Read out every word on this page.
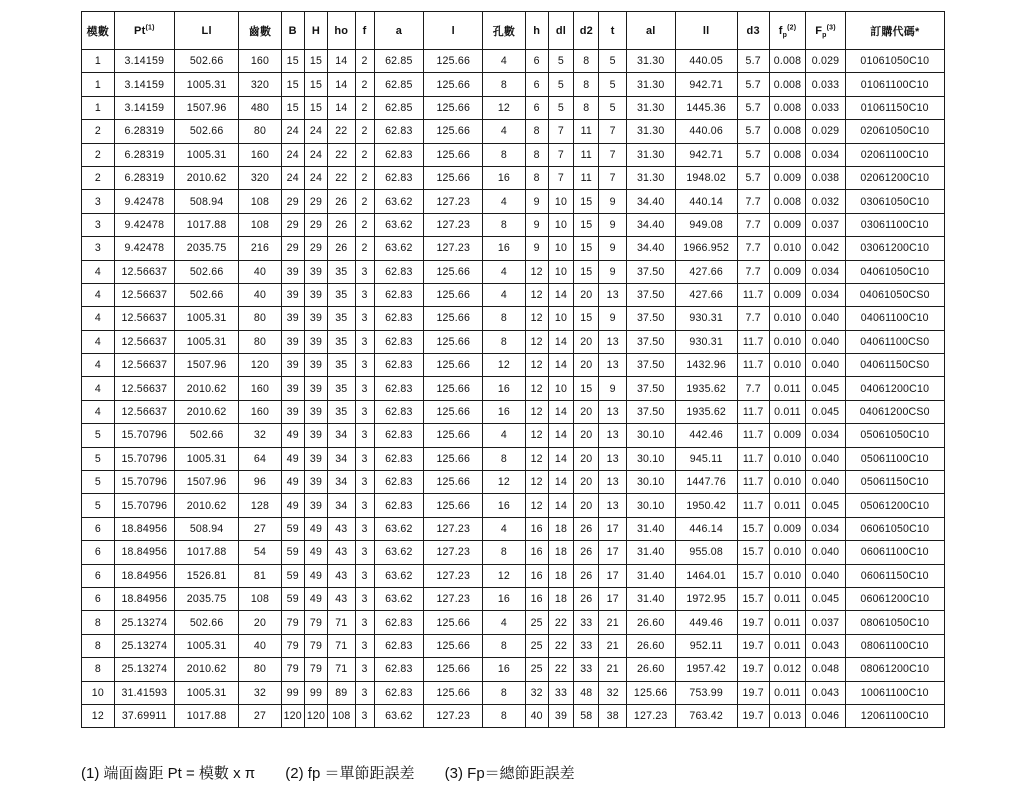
模數	Pt$^{(1)}$	Ll	齒數	B	H	ho	f	a	l	孔數	h	dl	d2	t	al	ll	d3	$f_p^{(2)}$	$F_p^{(3)}$	訂購代碼*
1	3.14159	502.66	160	15	15	14	2	62.85	125.66	4	6	5	8	5	31.30	440.05	5.7	0.008	0.029	01061050C10
1	3.14159	1005.31	320	15	15	14	2	62.85	125.66	8	6	5	8	5	31.30	942.71	5.7	0.008	0.033	01061100C10
1	3.14159	1507.96	480	15	15	14	2	62.85	125.66	12	6	5	8	5	31.30	1445.36	5.7	0.008	0.033	01061150C10
2	6.28319	502.66	80	24	24	22	2	62.83	125.66	4	8	7	11	7	31.30	440.06	5.7	0.008	0.029	02061050C10
2	6.28319	1005.31	160	24	24	22	2	62.83	125.66	8	8	7	11	7	31.30	942.71	5.7	0.008	0.034	02061100C10
2	6.28319	2010.62	320	24	24	22	2	62.83	125.66	16	8	7	11	7	31.30	1948.02	5.7	0.009	0.038	02061200C10
3	9.42478	508.94	108	29	29	26	2	63.62	127.23	4	9	10	15	9	34.40	440.14	7.7	0.008	0.032	03061050C10
3	9.42478	1017.88	108	29	29	26	2	63.62	127.23	8	9	10	15	9	34.40	949.08	7.7	0.009	0.037	03061100C10
3	9.42478	2035.75	216	29	29	26	2	63.62	127.23	16	9	10	15	9	34.40	1966.952	7.7	0.010	0.042	03061200C10
4	12.56637	502.66	40	39	39	35	3	62.83	125.66	4	12	10	15	9	37.50	427.66	7.7	0.009	0.034	04061050C10
4	12.56637	502.66	40	39	39	35	3	62.83	125.66	4	12	14	20	13	37.50	427.66	11.7	0.009	0.034	04061050CS0
4	12.56637	1005.31	80	39	39	35	3	62.83	125.66	8	12	10	15	9	37.50	930.31	7.7	0.010	0.040	04061100C10
4	12.56637	1005.31	80	39	39	35	3	62.83	125.66	8	12	14	20	13	37.50	930.31	11.7	0.010	0.040	04061100CS0
4	12.56637	1507.96	120	39	39	35	3	62.83	125.66	12	12	14	20	13	37.50	1432.96	11.7	0.010	0.040	04061150CS0
4	12.56637	2010.62	160	39	39	35	3	62.83	125.66	16	12	10	15	9	37.50	1935.62	7.7	0.011	0.045	04061200C10
4	12.56637	2010.62	160	39	39	35	3	62.83	125.66	16	12	14	20	13	37.50	1935.62	11.7	0.011	0.045	04061200CS0
5	15.70796	502.66	32	49	39	34	3	62.83	125.66	4	12	14	20	13	30.10	442.46	11.7	0.009	0.034	05061050C10
5	15.70796	1005.31	64	49	39	34	3	62.83	125.66	8	12	14	20	13	30.10	945.11	11.7	0.010	0.040	05061100C10
5	15.70796	1507.96	96	49	39	34	3	62.83	125.66	12	12	14	20	13	30.10	1447.76	11.7	0.010	0.040	05061150C10
5	15.70796	2010.62	128	49	39	34	3	62.83	125.66	16	12	14	20	13	30.10	1950.42	11.7	0.011	0.045	05061200C10
6	18.84956	508.94	27	59	49	43	3	63.62	127.23	4	16	18	26	17	31.40	446.14	15.7	0.009	0.034	06061050C10
6	18.84956	1017.88	54	59	49	43	3	63.62	127.23	8	16	18	26	17	31.40	955.08	15.7	0.010	0.040	06061100C10
6	18.84956	1526.81	81	59	49	43	3	63.62	127.23	12	16	18	26	17	31.40	1464.01	15.7	0.010	0.040	06061150C10
6	18.84956	2035.75	108	59	49	43	3	63.62	127.23	16	16	18	26	17	31.40	1972.95	15.7	0.011	0.045	06061200C10
8	25.13274	502.66	20	79	79	71	3	62.83	125.66	4	25	22	33	21	26.60	449.46	19.7	0.011	0.037	08061050C10
8	25.13274	1005.31	40	79	79	71	3	62.83	125.66	8	25	22	33	21	26.60	952.11	19.7	0.011	0.043	08061100C10
8	25.13274	2010.62	80	79	79	71	3	62.83	125.66	16	25	22	33	21	26.60	1957.42	19.7	0.012	0.048	08061200C10
10	31.41593	1005.31	32	99	99	89	3	62.83	125.66	8	32	33	48	32	125.66	753.99	19.7	0.011	0.043	10061100C10
12	37.69911	1017.88	27	120	120	108	3	63.62	127.23	8	40	39	58	38	127.23	763.42	19.7	0.013	0.046	12061100C10
(1) 端面齒距 Pt = 模數 x π (2) fp ＝單節距誤差 (3) Fp＝總節距誤差
